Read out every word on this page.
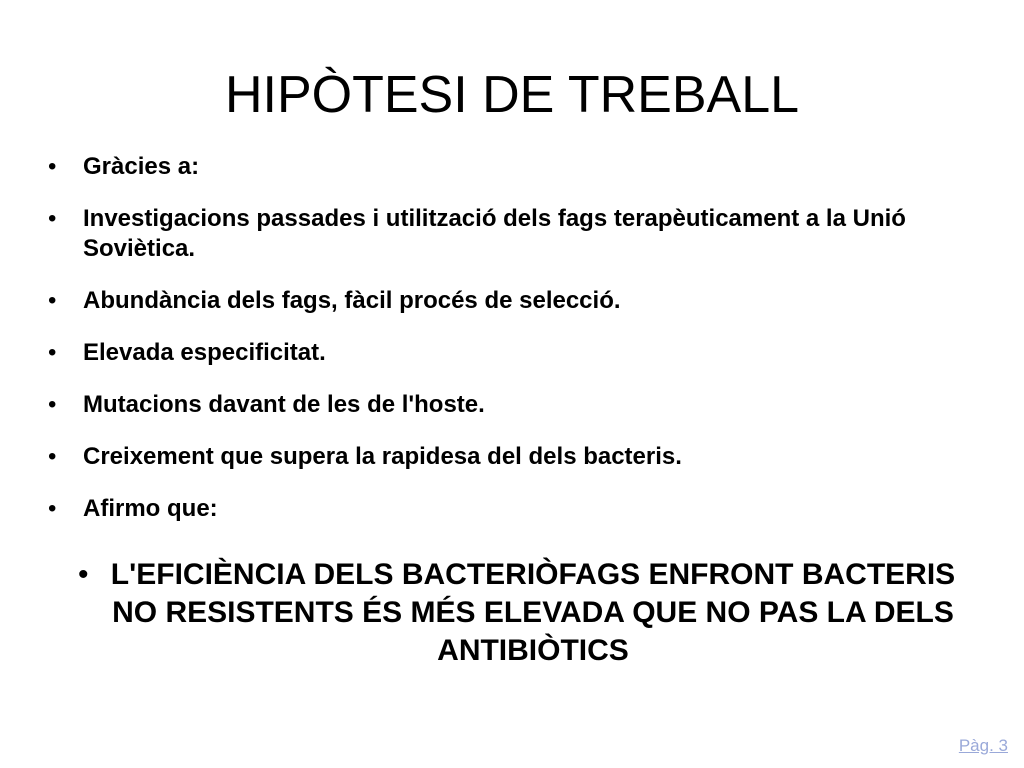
HIPÒTESI DE TREBALL
• Gràcies a:
• Investigacions passades i utilització dels fags terapèuticament a la Unió Soviètica.
• Abundància dels fags, fàcil procés de selecció.
• Elevada especificitat.
• Mutacions davant de les de l'hoste.
• Creixement que supera la rapidesa del dels bacteris.
• Afirmo que:
• L'EFICIÈNCIA DELS BACTERIÒFAGS ENFRONT BACTERIS NO RESISTENTS ÉS MÉS ELEVADA QUE NO PAS LA DELS ANTIBIÒTICS
Pàg. 3
